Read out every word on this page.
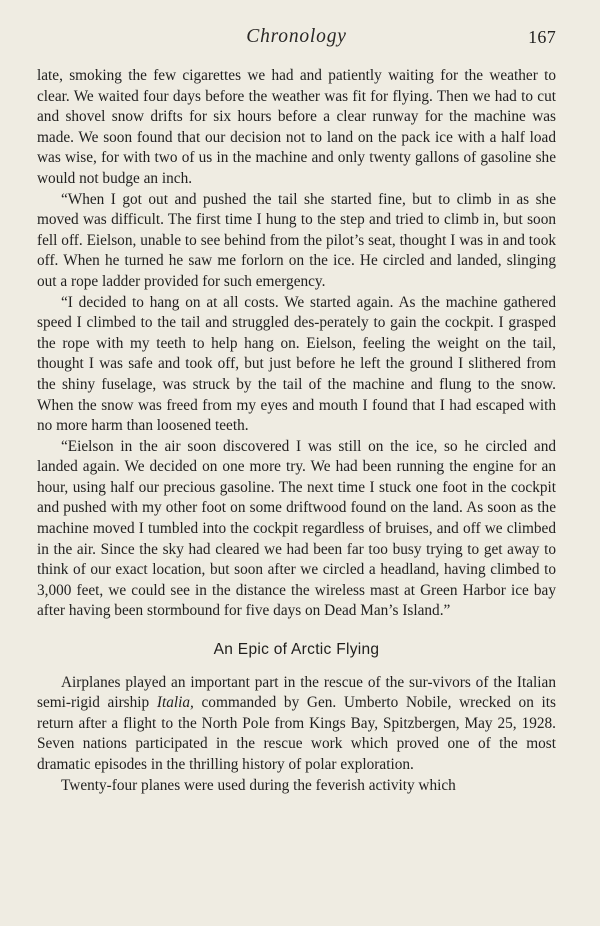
Chronology	167

late, smoking the few cigarettes we had and patiently waiting for the weather to clear. We waited four days before the weather was fit for flying. Then we had to cut and shovel snow drifts for six hours before a clear runway for the machine was made. We soon found that our decision not to land on the pack ice with a half load was wise, for with two of us in the machine and only twenty gallons of gasoline she would not budge an inch.

“When I got out and pushed the tail she started fine, but to climb in as she moved was difficult. The first time I hung to the step and tried to climb in, but soon fell off. Eielson, unable to see behind from the pilot’s seat, thought I was in and took off. When he turned he saw me forlorn on the ice. He circled and landed, slinging out a rope ladder provided for such emergency.

“I decided to hang on at all costs. We started again. As the machine gathered speed I climbed to the tail and struggled des-perately to gain the cockpit. I grasped the rope with my teeth to help hang on. Eielson, feeling the weight on the tail, thought I was safe and took off, but just before he left the ground I slithered from the shiny fuselage, was struck by the tail of the machine and flung to the snow. When the snow was freed from my eyes and mouth I found that I had escaped with no more harm than loosened teeth.

“Eielson in the air soon discovered I was still on the ice, so he circled and landed again. We decided on one more try. We had been running the engine for an hour, using half our precious gasoline. The next time I stuck one foot in the cockpit and pushed with my other foot on some driftwood found on the land. As soon as the machine moved I tumbled into the cockpit regardless of bruises, and off we climbed in the air. Since the sky had cleared we had been far too busy trying to get away to think of our exact location, but soon after we circled a headland, having climbed to 3,000 feet, we could see in the distance the wireless mast at Green Harbor ice bay after having been stormbound for five days on Dead Man’s Island.”

An Epic of Arctic Flying

Airplanes played an important part in the rescue of the sur-vivors of the Italian semi-rigid airship Italia, commanded by Gen. Umberto Nobile, wrecked on its return after a flight to the North Pole from Kings Bay, Spitzbergen, May 25, 1928. Seven nations participated in the rescue work which proved one of the most dramatic episodes in the thrilling history of polar exploration.

Twenty-four planes were used during the feverish activity which
